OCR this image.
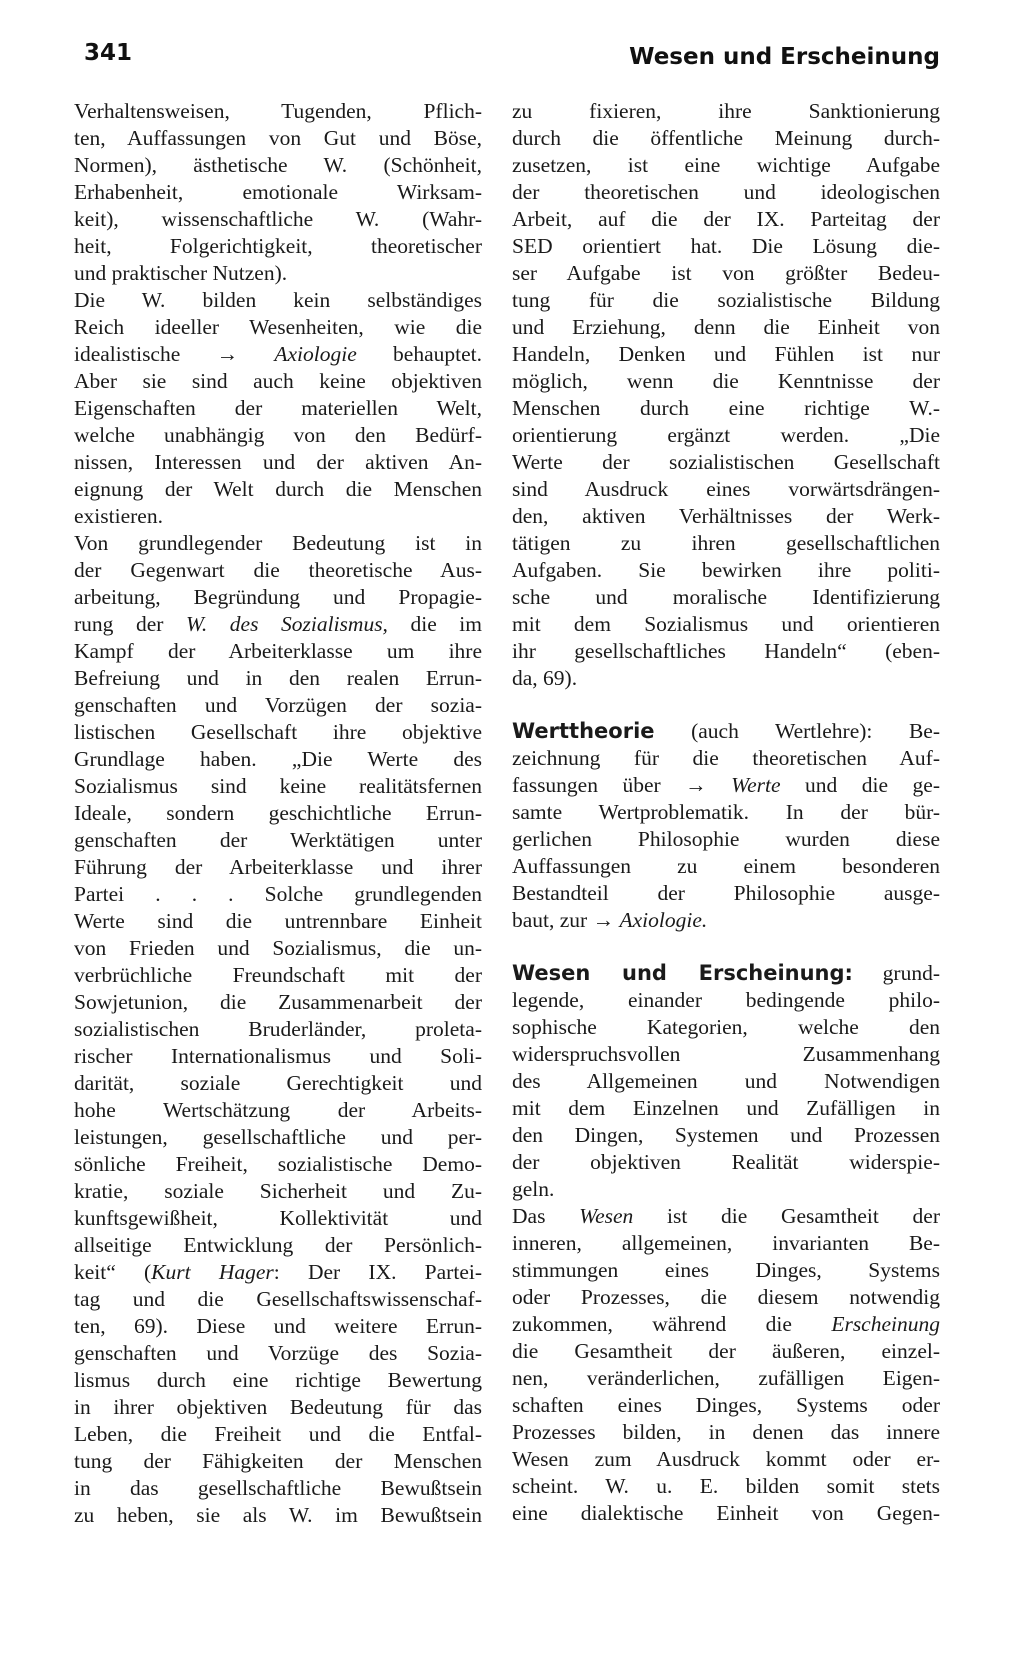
341	Wesen und Erscheinung
Verhaltensweisen, Tugenden, Pflich-
ten, Auffassungen von Gut und Böse,
Normen), ästhetische W. (Schönheit,
Erhabenheit, emotionale Wirksam-
keit), wissenschaftliche W. (Wahr-
heit, Folgerichtigkeit, theoretischer
und praktischer Nutzen).
Die W. bilden kein selbständiges
Reich ideeller Wesenheiten, wie die
idealistische → Axiologie behauptet.
Aber sie sind auch keine objektiven
Eigenschaften der materiellen Welt,
welche unabhängig von den Bedürf-
nissen, Interessen und der aktiven An-
eignung der Welt durch die Menschen
existieren.
Von grundlegender Bedeutung ist in
der Gegenwart die theoretische Aus-
arbeitung, Begründung und Propagie-
rung der W. des Sozialismus, die im
Kampf der Arbeiterklasse um ihre
Befreiung und in den realen Errun-
genschaften und Vorzügen der sozia-
listischen Gesellschaft ihre objektive
Grundlage haben. „Die Werte des
Sozialismus sind keine realitätsfernen
Ideale, sondern geschichtliche Errun-
genschaften der Werktätigen unter
Führung der Arbeiterklasse und ihrer
Partei . . . Solche grundlegenden
Werte sind die untrennbare Einheit
von Frieden und Sozialismus, die un-
verbrüchliche Freundschaft mit der
Sowjetunion, die Zusammenarbeit der
sozialistischen Bruderländer, proleta-
rischer Internationalismus und Soli-
darität, soziale Gerechtigkeit und
hohe Wertschätzung der Arbeits-
leistungen, gesellschaftliche und per-
sönliche Freiheit, sozialistische Demo-
kratie, soziale Sicherheit und Zu-
kunftsgewißheit, Kollektivität und
allseitige Entwicklung der Persönlich-
keit“ (Kurt Hager: Der IX. Partei-
tag und die Gesellschaftswissenschaf-
ten, 69). Diese und weitere Errun-
genschaften und Vorzüge des Sozia-
lismus durch eine richtige Bewertung
in ihrer objektiven Bedeutung für das
Leben, die Freiheit und die Entfal-
tung der Fähigkeiten der Menschen
in das gesellschaftliche Bewußtsein
zu heben, sie als W. im Bewußtsein
zu fixieren, ihre Sanktionierung
durch die öffentliche Meinung durch-
zusetzen, ist eine wichtige Aufgabe
der theoretischen und ideologischen
Arbeit, auf die der IX. Parteitag der
SED orientiert hat. Die Lösung die-
ser Aufgabe ist von größter Bedeu-
tung für die sozialistische Bildung
und Erziehung, denn die Einheit von
Handeln, Denken und Fühlen ist nur
möglich, wenn die Kenntnisse der
Menschen durch eine richtige W.-
orientierung ergänzt werden. „Die
Werte der sozialistischen Gesellschaft
sind Ausdruck eines vorwärtsdrängen-
den, aktiven Verhältnisses der Werk-
tätigen zu ihren gesellschaftlichen
Aufgaben. Sie bewirken ihre politi-
sche und moralische Identifizierung
mit dem Sozialismus und orientieren
ihr gesellschaftliches Handeln“ (eben-
da, 69).
Werttheorie (auch Wertlehre): Be-
zeichnung für die theoretischen Auf-
fassungen über → Werte und die ge-
samte Wertproblematik. In der bür-
gerlichen Philosophie wurden diese
Auffassungen zu einem besonderen
Bestandteil der Philosophie ausge-
baut, zur → Axiologie.
Wesen und Erscheinung: grund-
legende, einander bedingende philo-
sophische Kategorien, welche den
widerspruchsvollen Zusammenhang
des Allgemeinen und Notwendigen
mit dem Einzelnen und Zufälligen in
den Dingen, Systemen und Prozessen
der objektiven Realität widerspie-
geln.
Das Wesen ist die Gesamtheit der
inneren, allgemeinen, invarianten Be-
stimmungen eines Dinges, Systems
oder Prozesses, die diesem notwendig
zukommen, während die Erscheinung
die Gesamtheit der äußeren, einzel-
nen, veränderlichen, zufälligen Eigen-
schaften eines Dinges, Systems oder
Prozesses bilden, in denen das innere
Wesen zum Ausdruck kommt oder er-
scheint. W. u. E. bilden somit stets
eine dialektische Einheit von Gegen-
